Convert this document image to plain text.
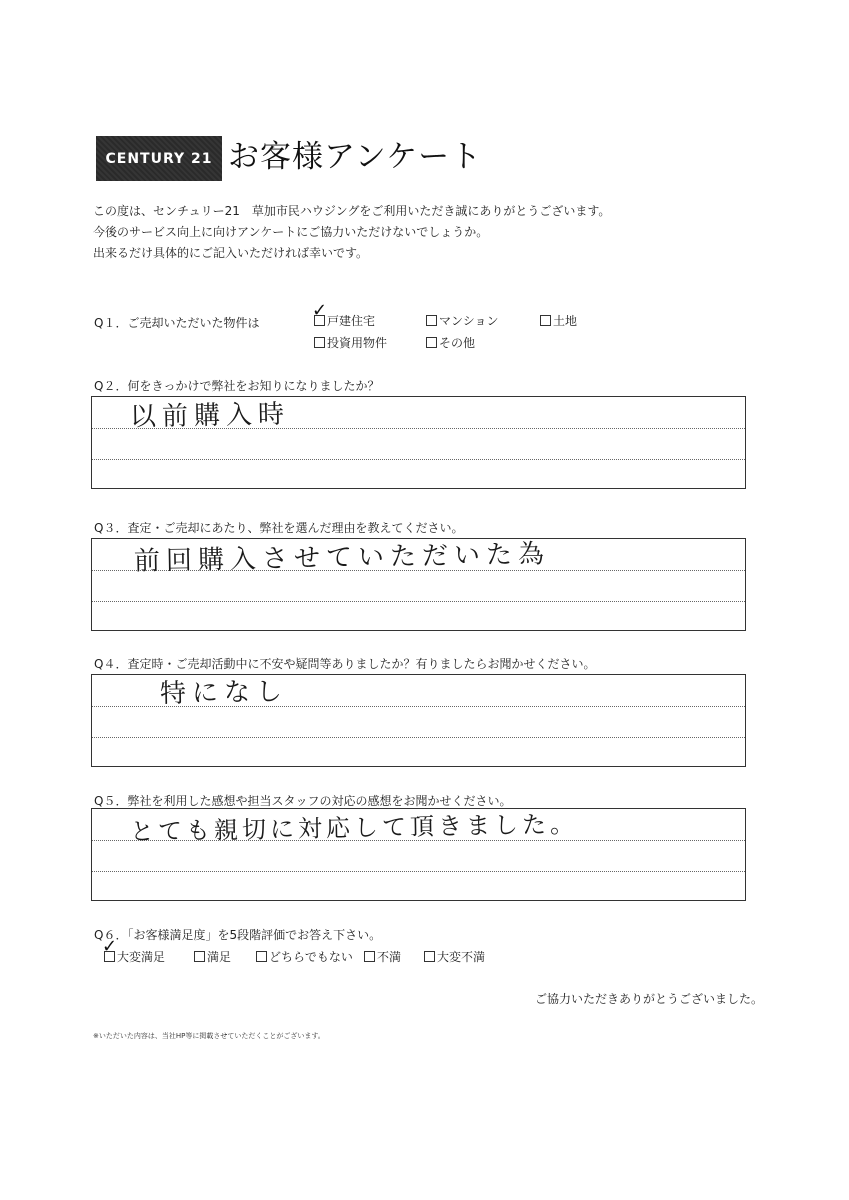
CENTURY 21 お客様アンケート
この度は、センチュリー21　草加市民ハウジングをご利用いただき誠にありがとうございます。
今後のサービス向上に向けアンケートにご協力いただけないでしょうか。
出来るだけ具体的にご記入いただければ幸いです。
Q１．ご売却いただいた物件は
✓ 戸建住宅	マンション	土地
投資用物件	その他
Q２．何をきっかけで弊社をお知りになりましたか？
以前購入時
Q３．査定・ご売却にあたり、弊社を選んだ理由を教えてください。
前回購入させていただいた為
Q４．査定時・ご売却活動中に不安や疑問等ありましたか？有りましたらお聞かせください。
特になし
Q５．弊社を利用した感想や担当スタッフの対応の感想をお聞かせください。
とても親切に対応して頂きました。
Q６．「お客様満足度」を5段階評価でお答え下さい。
✓ 大変満足	満足	どちらでもない	不満	大変不満
ご協力いただきありがとうございました。
※いただいた内容は、当社HP等に掲載させていただくことがございます。
